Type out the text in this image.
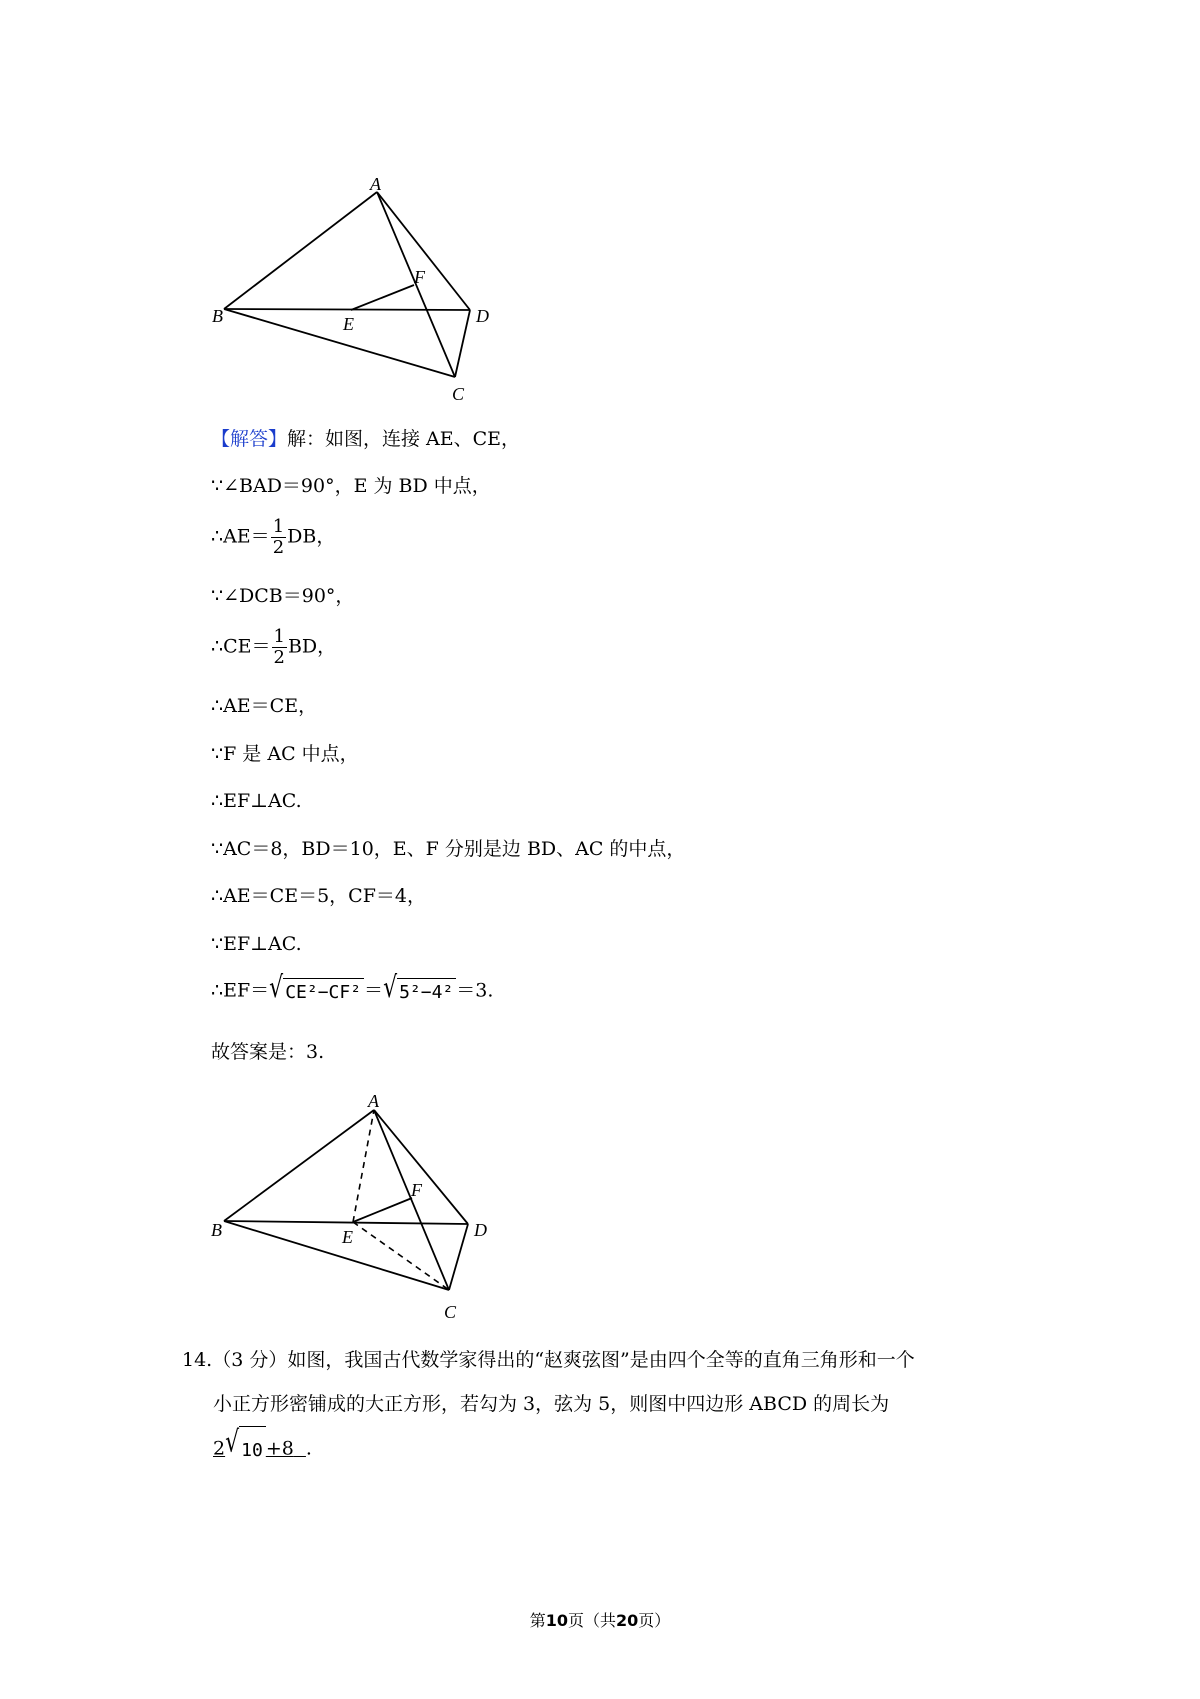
A
B
C
D
E
F
【解答】解：如图，连接 AE、CE，
∵∠BAD＝90°，E 为 BD 中点，
∴AE＝ $\frac{1}{2}$ DB，
∵∠DCB＝90°，
∴CE＝ $\frac{1}{2}$ BD，
∴AE＝CE，
∵F 是 AC 中点，
∴EF⊥AC.
∵AC＝8，BD＝10，E、F 分别是边 BD、AC 的中点，
∴AE＝CE＝5，CF＝4，
∵EF⊥AC.
∴EF＝√ CE²−CF² ＝√ 5²−4² ＝3.
故答案是：3.
A
B
C
D
E
F
14.（3 分）如图，我国古代数学家得出的“赵爽弦图”是由四个全等的直角三角形和一个
小正方形密铺成的大正方形，若勾为 3，弦为 5，则图中四边形 ABCD 的周长为
2√ 10 +8 .
第10页（共20页）
